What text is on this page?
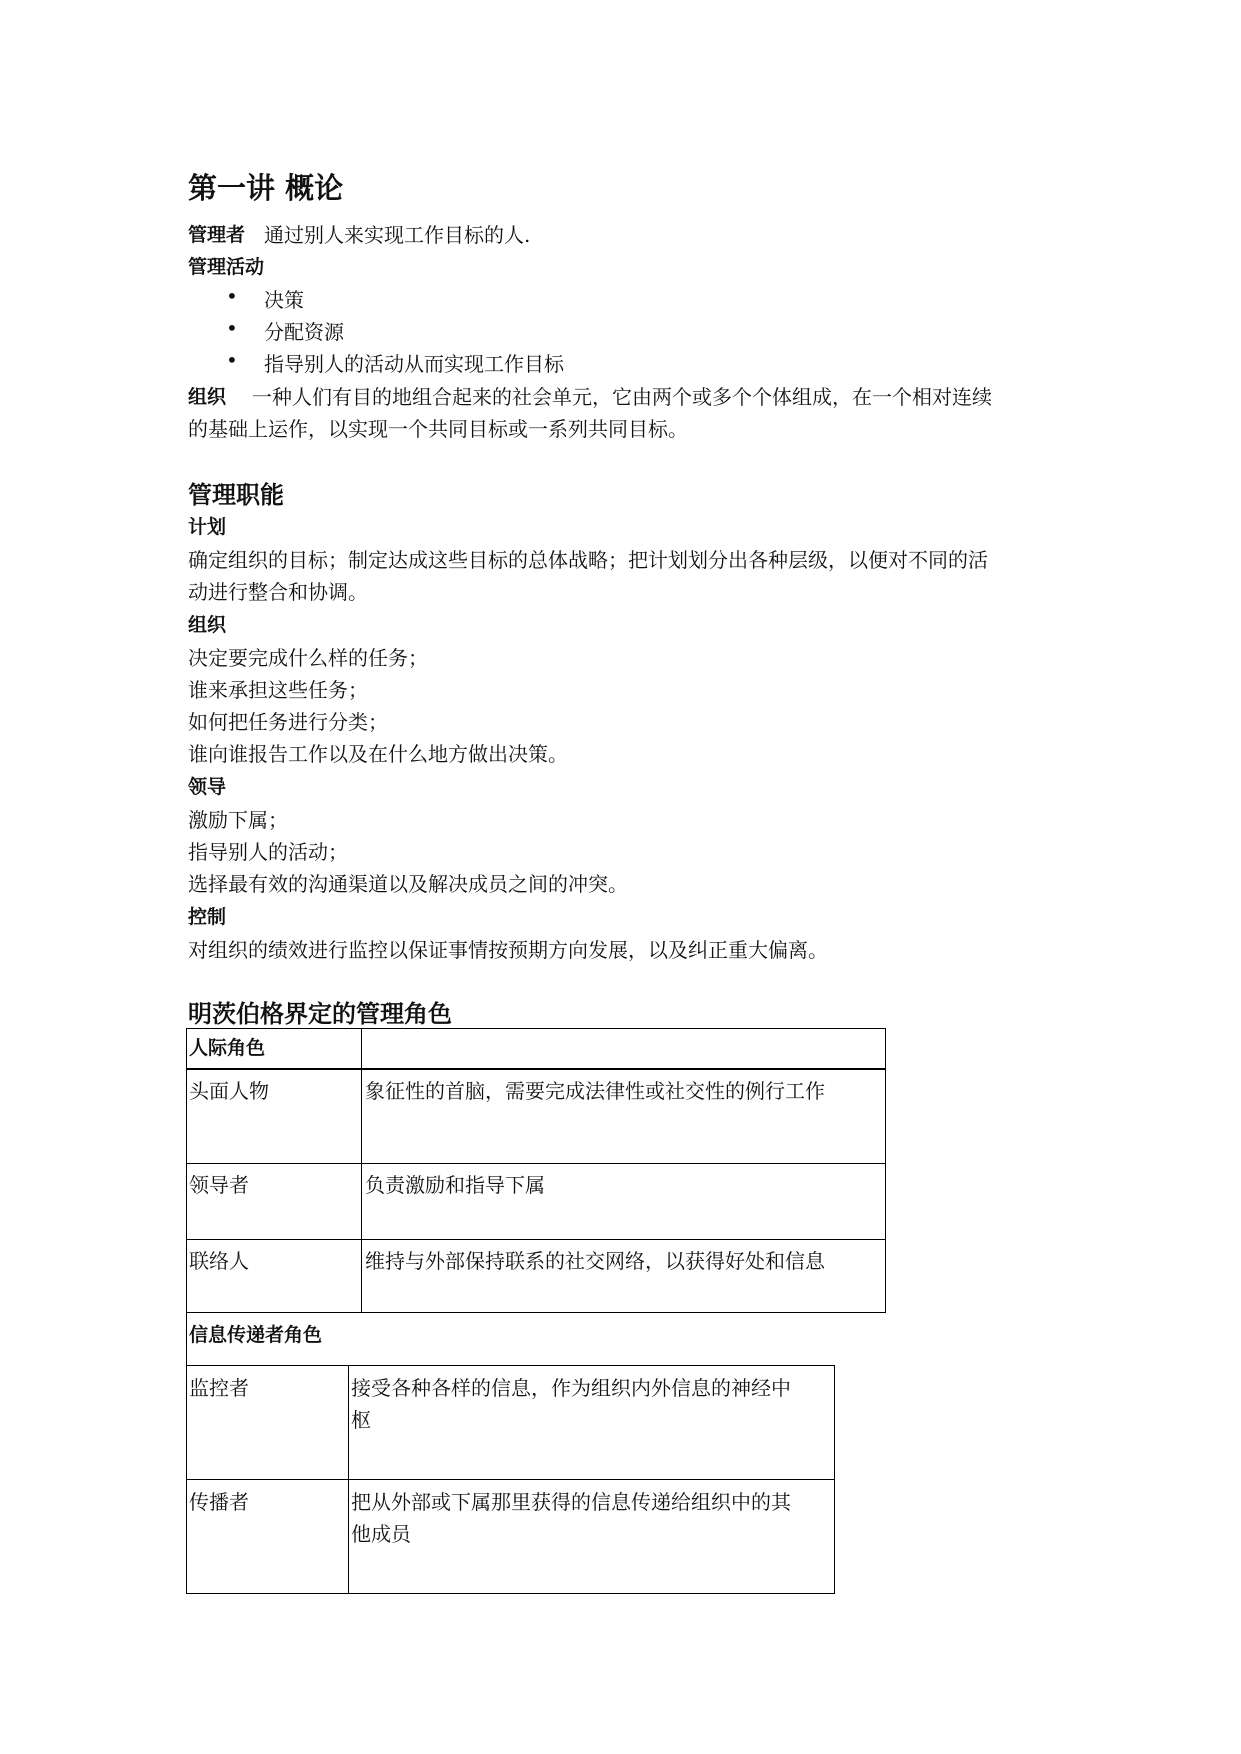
第一讲 概论
管理者 通过别人来实现工作目标的人.
管理活动
• 决策
• 分配资源
• 指导别人的活动从而实现工作目标
组织 一种人们有目的地组合起来的社会单元，它由两个或多个个体组成，在一个相对连续
的基础上运作，以实现一个共同目标或一系列共同目标。
管理职能
计划
确定组织的目标；制定达成这些目标的总体战略；把计划划分出各种层级，以便对不同的活
动进行整合和协调。
组织
决定要完成什么样的任务；
谁来承担这些任务；
如何把任务进行分类；
谁向谁报告工作以及在什么地方做出决策。
领导
激励下属；
指导别人的活动；
选择最有效的沟通渠道以及解决成员之间的冲突。
控制
对组织的绩效进行监控以保证事情按预期方向发展，以及纠正重大偏离。
明茨伯格界定的管理角色
人际角色
头面人物	象征性的首脑，需要完成法律性或社交性的例行工作
领导者	负责激励和指导下属
联络人	维持与外部保持联系的社交网络，以获得好处和信息
信息传递者角色
监控者	接受各种各样的信息，作为组织内外信息的神经中
枢
传播者	把从外部或下属那里获得的信息传递给组织中的其
他成员
